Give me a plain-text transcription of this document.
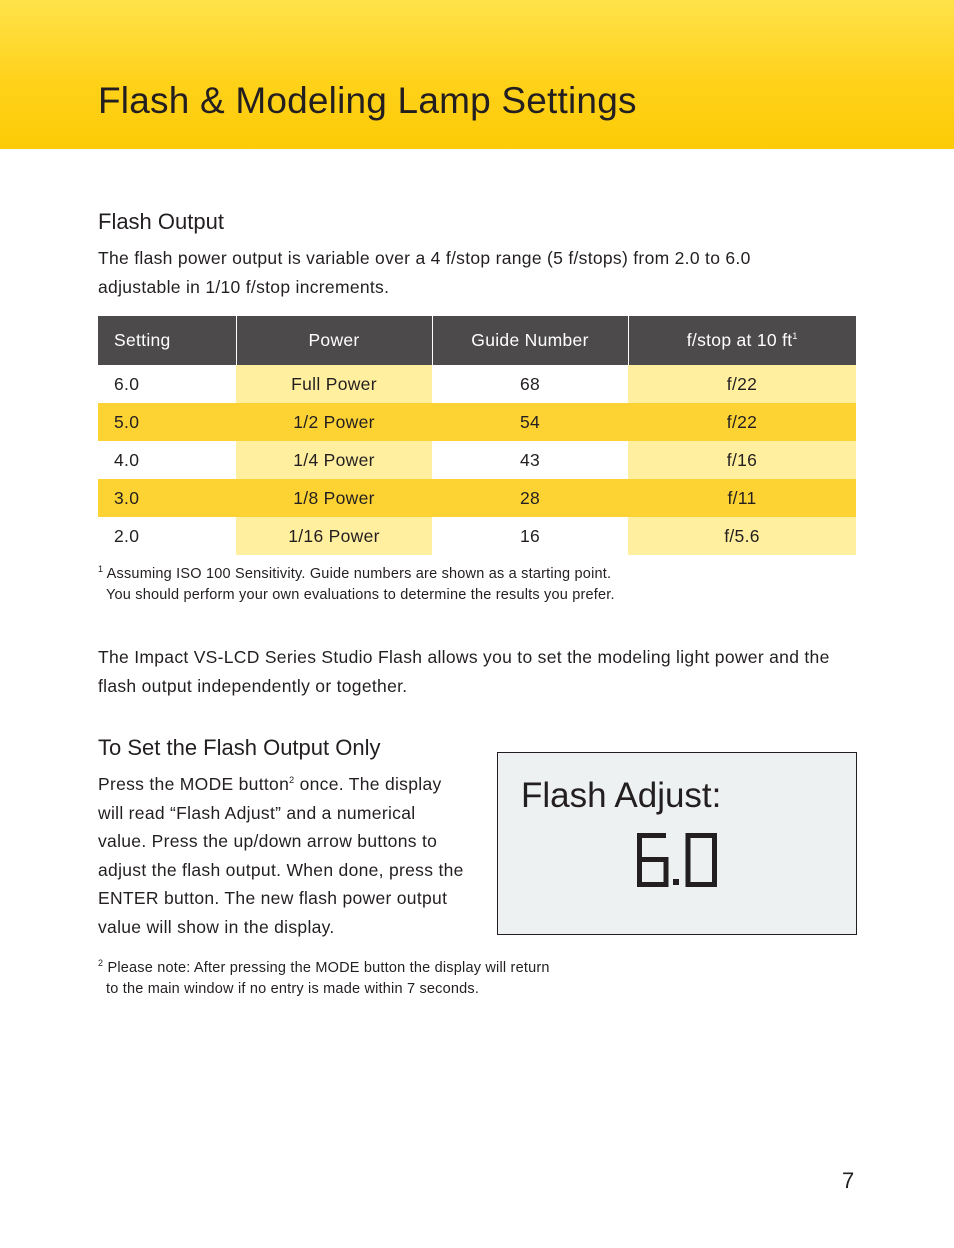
Flash & Modeling Lamp Settings
Flash Output

The flash power output is variable over a 4 f/stop range (5 f/stops) from 2.0 to 6.0 adjustable in 1/10 f/stop increments.

Setting	Power	Guide Number	f/stop at 10 $ft^1$
6.0	Full Power	68	f/22
5.0	1/2 Power	54	f/22
4.0	1/4 Power	43	f/16
3.0	1/8 Power	28	f/11
2.0	1/16 Power	16	f/5.6
$^1$ Assuming ISO 100 Sensitivity. Guide numbers are shown as a starting point.
You should perform your own evaluations to determine the results you prefer.

The Impact VS-LCD Series Studio Flash allows you to set the modeling light power and the flash output independently or together.

To Set the Flash Output Only

Press the MODE button$^2$ once. The display will read “Flash Adjust” and a numerical value. Press the up/down arrow buttons to adjust the flash output. When done, press the ENTER button. The new flash power output value will show in the display.

Flash Adjust:
$^2$ Please note: After pressing the MODE button the display will return
to the main window if no entry is made within 7 seconds.
7
